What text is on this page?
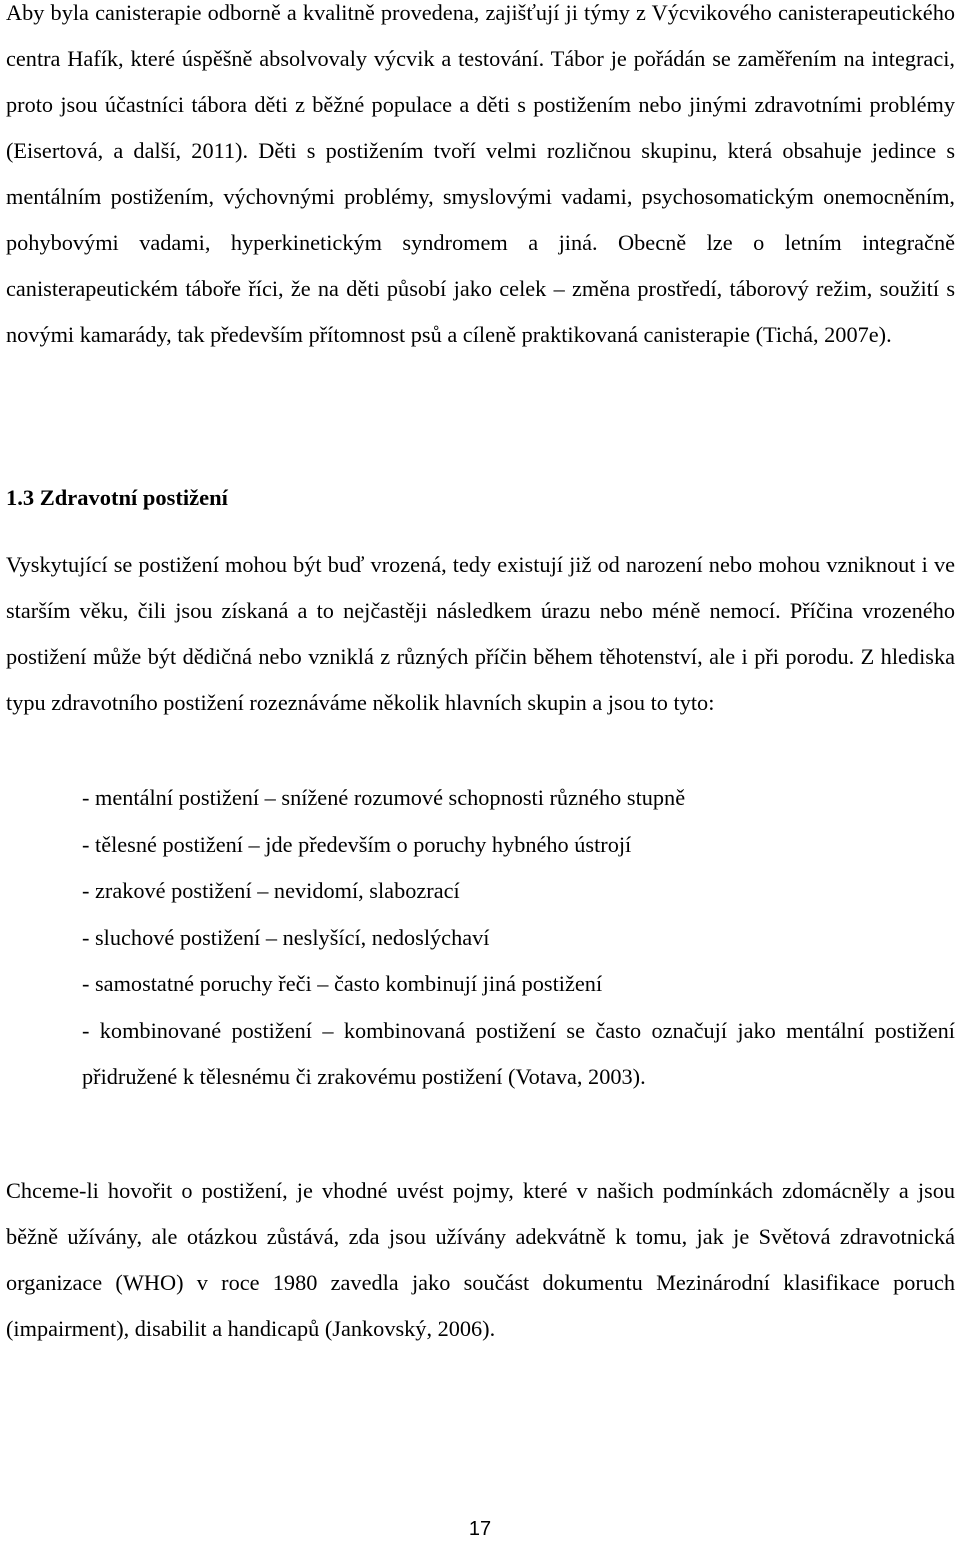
Aby byla canisterapie odborně a kvalitně provedena, zajišťují ji týmy z Výcvikového canisterapeutického centra Hafík, které úspěšně absolvovaly výcvik a testování. Tábor je pořádán se zaměřením na integraci, proto jsou účastníci tábora děti z běžné populace a děti s postižením nebo jinými zdravotními problémy (Eisertová, a další, 2011). Děti s postižením tvoří velmi rozličnou skupinu, která obsahuje jedince s mentálním postižením, výchovnými problémy, smyslovými vadami, psychosomatickým onemocněním, pohybovými vadami, hyperkinetickým syndromem a jiná. Obecně lze o letním integračně canisterapeutickém táboře říci, že na děti působí jako celek – změna prostředí, táborový režim, soužití s novými kamarády, tak především přítomnost psů a cíleně praktikovaná canisterapie (Tichá, 2007e).

1.3 Zdravotní postižení

Vyskytující se postižení mohou být buď vrozená, tedy existují již od narození nebo mohou vzniknout i ve starším věku, čili jsou získaná a to nejčastěji následkem úrazu nebo méně nemocí. Příčina vrozeného postižení může být dědičná nebo vzniklá z různých příčin během těhotenství, ale i při porodu. Z hlediska typu zdravotního postižení rozeznáváme několik hlavních skupin a jsou to tyto:

- mentální postižení – snížené rozumové schopnosti různého stupně
- tělesné postižení – jde především o poruchy hybného ústrojí
- zrakové postižení – nevidomí, slabozrací
- sluchové postižení – neslyšící, nedoslýchaví
- samostatné poruchy řeči – často kombinují jiná postižení
- kombinované postižení – kombinovaná postižení se často označují jako mentální postižení přidružené k tělesnému či zrakovému postižení (Votava, 2003).

Chceme-li hovořit o postižení, je vhodné uvést pojmy, které v našich podmínkách zdomácněly a jsou běžně užívány, ale otázkou zůstává, zda jsou užívány adekvátně k tomu, jak je Světová zdravotnická organizace (WHO) v roce 1980 zavedla jako součást dokumentu Mezinárodní klasifikace poruch (impairment), disabilit a handicapů (Jankovský, 2006).

17
